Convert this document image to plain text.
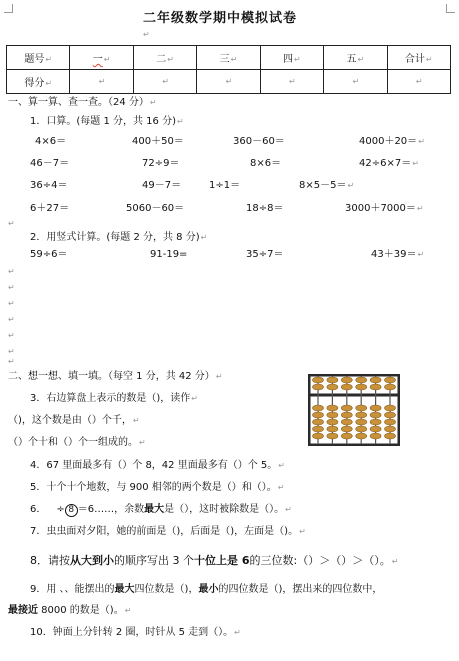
二年级数学期中模拟试卷
↵
题号↵	一↵	二↵	三↵	四↵	五↵	合计↵
得分↵	↵	↵	↵	↵	↵	↵
一、算一算、查一查。（24 分）↵
1．口算。(每题 1 分，共 16 分)↵
4×6＝	400＋50＝	360－60＝	4000＋20＝↵
46－7＝	72÷9＝	8×6＝	42÷6×7＝↵
36÷4＝	49－7＝	1÷1＝	8×5－5＝↵
6＋27＝	5060－60＝	18÷8＝	3000＋7000＝↵
↵
2．用竖式计算。(每题 2 分，共 8 分)↵
59÷6＝	91-19=	35÷7＝	43＋39＝↵
↵
↵
↵
↵
↵
↵
↵
二、想一想、填一填。（每空 1 分，共 42 分）↵
3．右边算盘上表示的数是（)，读作↵
（)，这个数是由（）个千，↵
（）个十和（）个一组成的。↵
4．67 里面最多有（）个 8，42 里面最多有（）个 5。↵
5．十个十个地数，与 900 相邻的两个数是（）和（）。↵
6． ÷ 8 ＝6……，余数最大是（），这时被除数是（）。↵
7．虫虫面对夕阳，她的前面是（)，后面是（)，左面是（)。↵
8．请按从大到小的顺序写出 3 个十位上是 6的三位数:（）＞（）＞（）。↵
9．用 、、能摆出的最大四位数是（)，最小的四位数是（)，摆出来的四位数中，
最接近 8000 的数是（)。↵
10．钟面上分针转 2 圈，时针从 5 走到（）。↵
